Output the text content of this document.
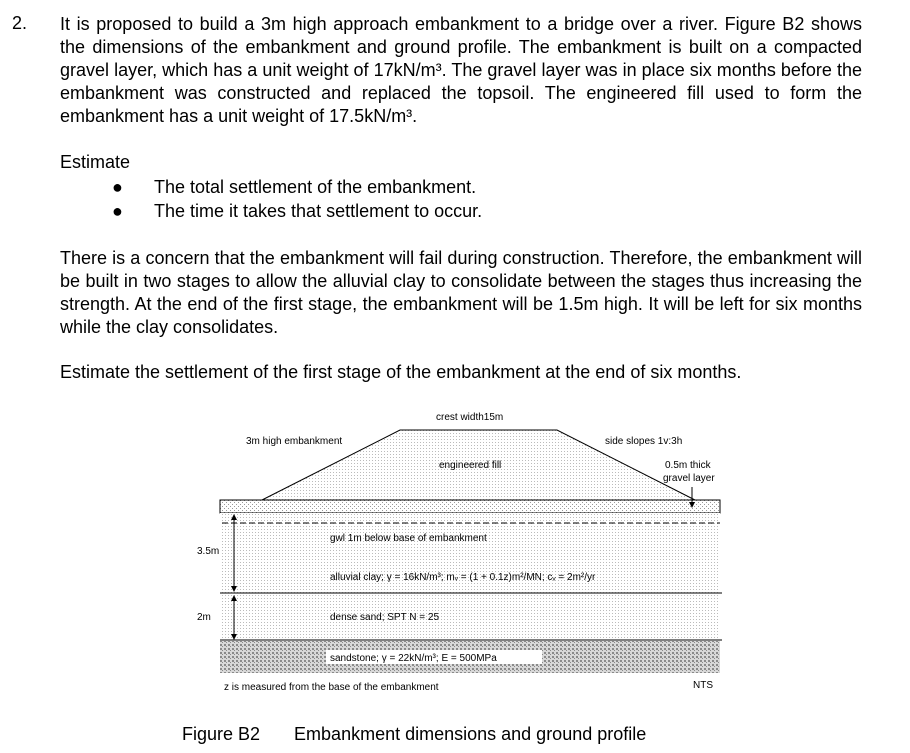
2. It is proposed to build a 3m high approach embankment to a bridge over a river. Figure B2 shows the dimensions of the embankment and ground profile. The embankment is built on a compacted gravel layer, which has a unit weight of 17kN/m³. The gravel layer was in place six months before the embankment was constructed and replaced the topsoil. The engineered fill used to form the embankment has a unit weight of 17.5kN/m³.

Estimate
● The total settlement of the embankment.
● The time it takes that settlement to occur.

There is a concern that the embankment will fail during construction. Therefore, the embankment will be built in two stages to allow the alluvial clay to consolidate between the stages thus increasing the strength. At the end of the first stage, the embankment will be 1.5m high. It will be left for six months while the clay consolidates.

Estimate the settlement of the first stage of the embankment at the end of six months.

crest width15m
3m high embankment	side slopes 1v:3h
engineered fill	0.5m thick
gravel layer
gwl 1m below base of embankment
3.5m
alluvial clay; γ = 16kN/m³; mᵥ = (1 + 0.1z)m²/MN; cᵥ = 2m²/yr
2m	dense sand; SPT N = 25
sandstone; γ = 22kN/m³; E = 500MPa
z is measured from the base of the embankment	NTS
Figure B2 Embankment dimensions and ground profile
